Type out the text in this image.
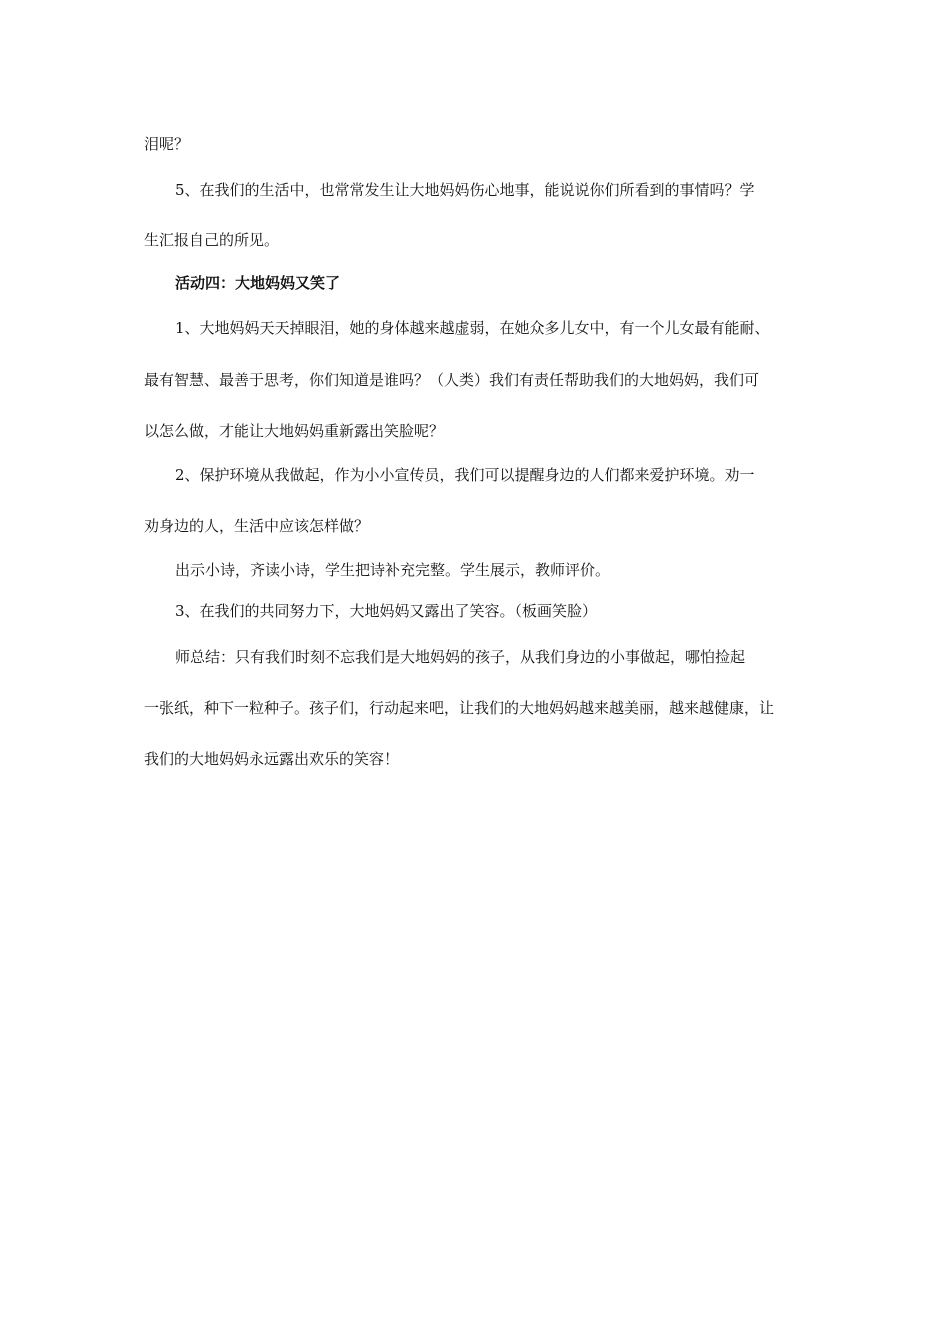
泪呢？
5、在我们的生活中，也常常发生让大地妈妈伤心地事，能说说你们所看到的事情吗？学
生汇报自己的所见。
活动四：大地妈妈又笑了
1、大地妈妈天天掉眼泪，她的身体越来越虚弱，在她众多儿女中，有一个儿女最有能耐、
最有智慧、最善于思考，你们知道是谁吗？（人类）我们有责任帮助我们的大地妈妈，我们可
以怎么做，才能让大地妈妈重新露出笑脸呢？
2、保护环境从我做起，作为小小宣传员，我们可以提醒身边的人们都来爱护环境。劝一
劝身边的人，生活中应该怎样做？
出示小诗，齐读小诗，学生把诗补充完整。学生展示，教师评价。
3、在我们的共同努力下，大地妈妈又露出了笑容。（板画笑脸）
师总结：只有我们时刻不忘我们是大地妈妈的孩子，从我们身边的小事做起，哪怕捡起
一张纸，种下一粒种子。孩子们，行动起来吧，让我们的大地妈妈越来越美丽，越来越健康，让
我们的大地妈妈永远露出欢乐的笑容！
